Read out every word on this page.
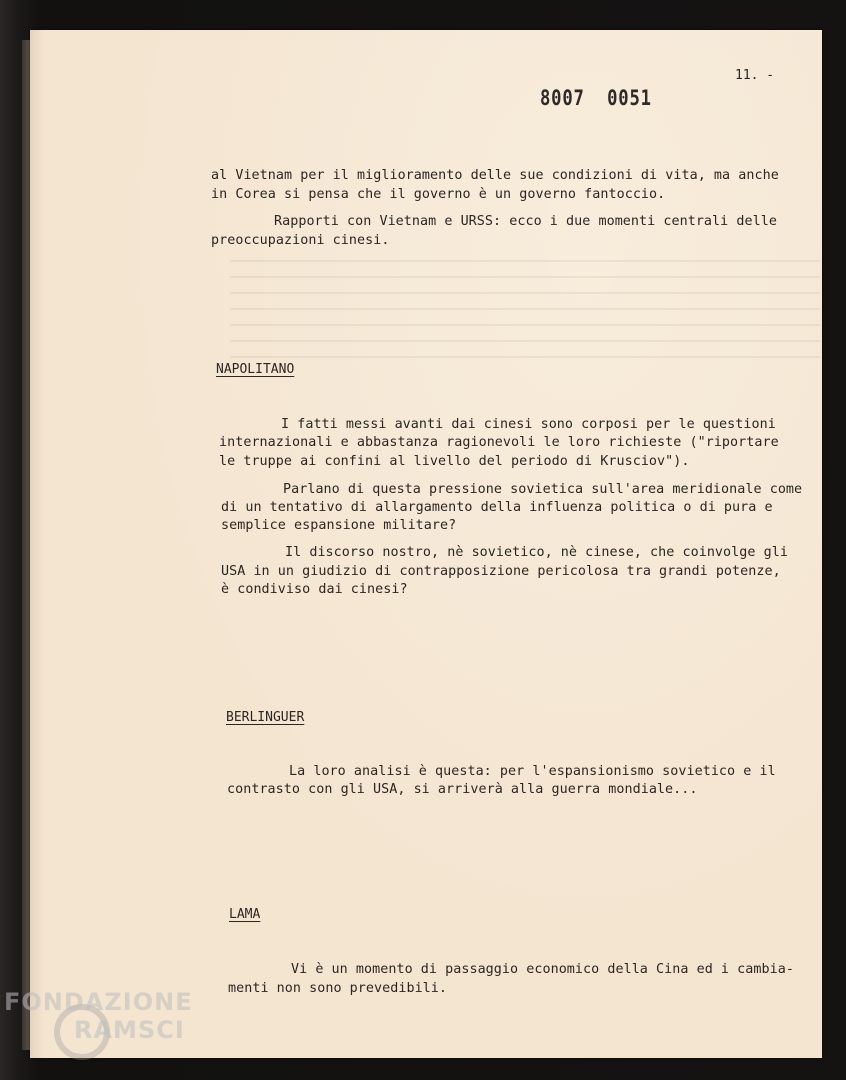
11. -
8007  0051
al Vietnam per il miglioramento delle sue condizioni di vita, ma anche
in Corea si pensa che il governo è un governo fantoccio.
Rapporti con Vietnam e URSS: ecco i due momenti centrali delle
preoccupazioni cinesi.
NAPOLITANO
I fatti messi avanti dai cinesi sono corposi per le questioni
internazionali e abbastanza ragionevoli le loro richieste ("riportare
le truppe ai confini al livello del periodo di Krusciov").
Parlano di questa pressione sovietica sull'area meridionale come
di un tentativo di allargamento della influenza politica o di pura e
semplice espansione militare?
Il discorso nostro, nè sovietico, nè cinese, che coinvolge gli
USA in un giudizio di contrapposizione pericolosa tra grandi potenze,
è condiviso dai cinesi?
BERLINGUER
La loro analisi è questa: per l'espansionismo sovietico e il
contrasto con gli USA, si arriverà alla guerra mondiale...
LAMA
Vi è un momento di passaggio economico della Cina ed i cambia-
menti non sono prevedibili.
FONDAZIONE
RAMSCI
